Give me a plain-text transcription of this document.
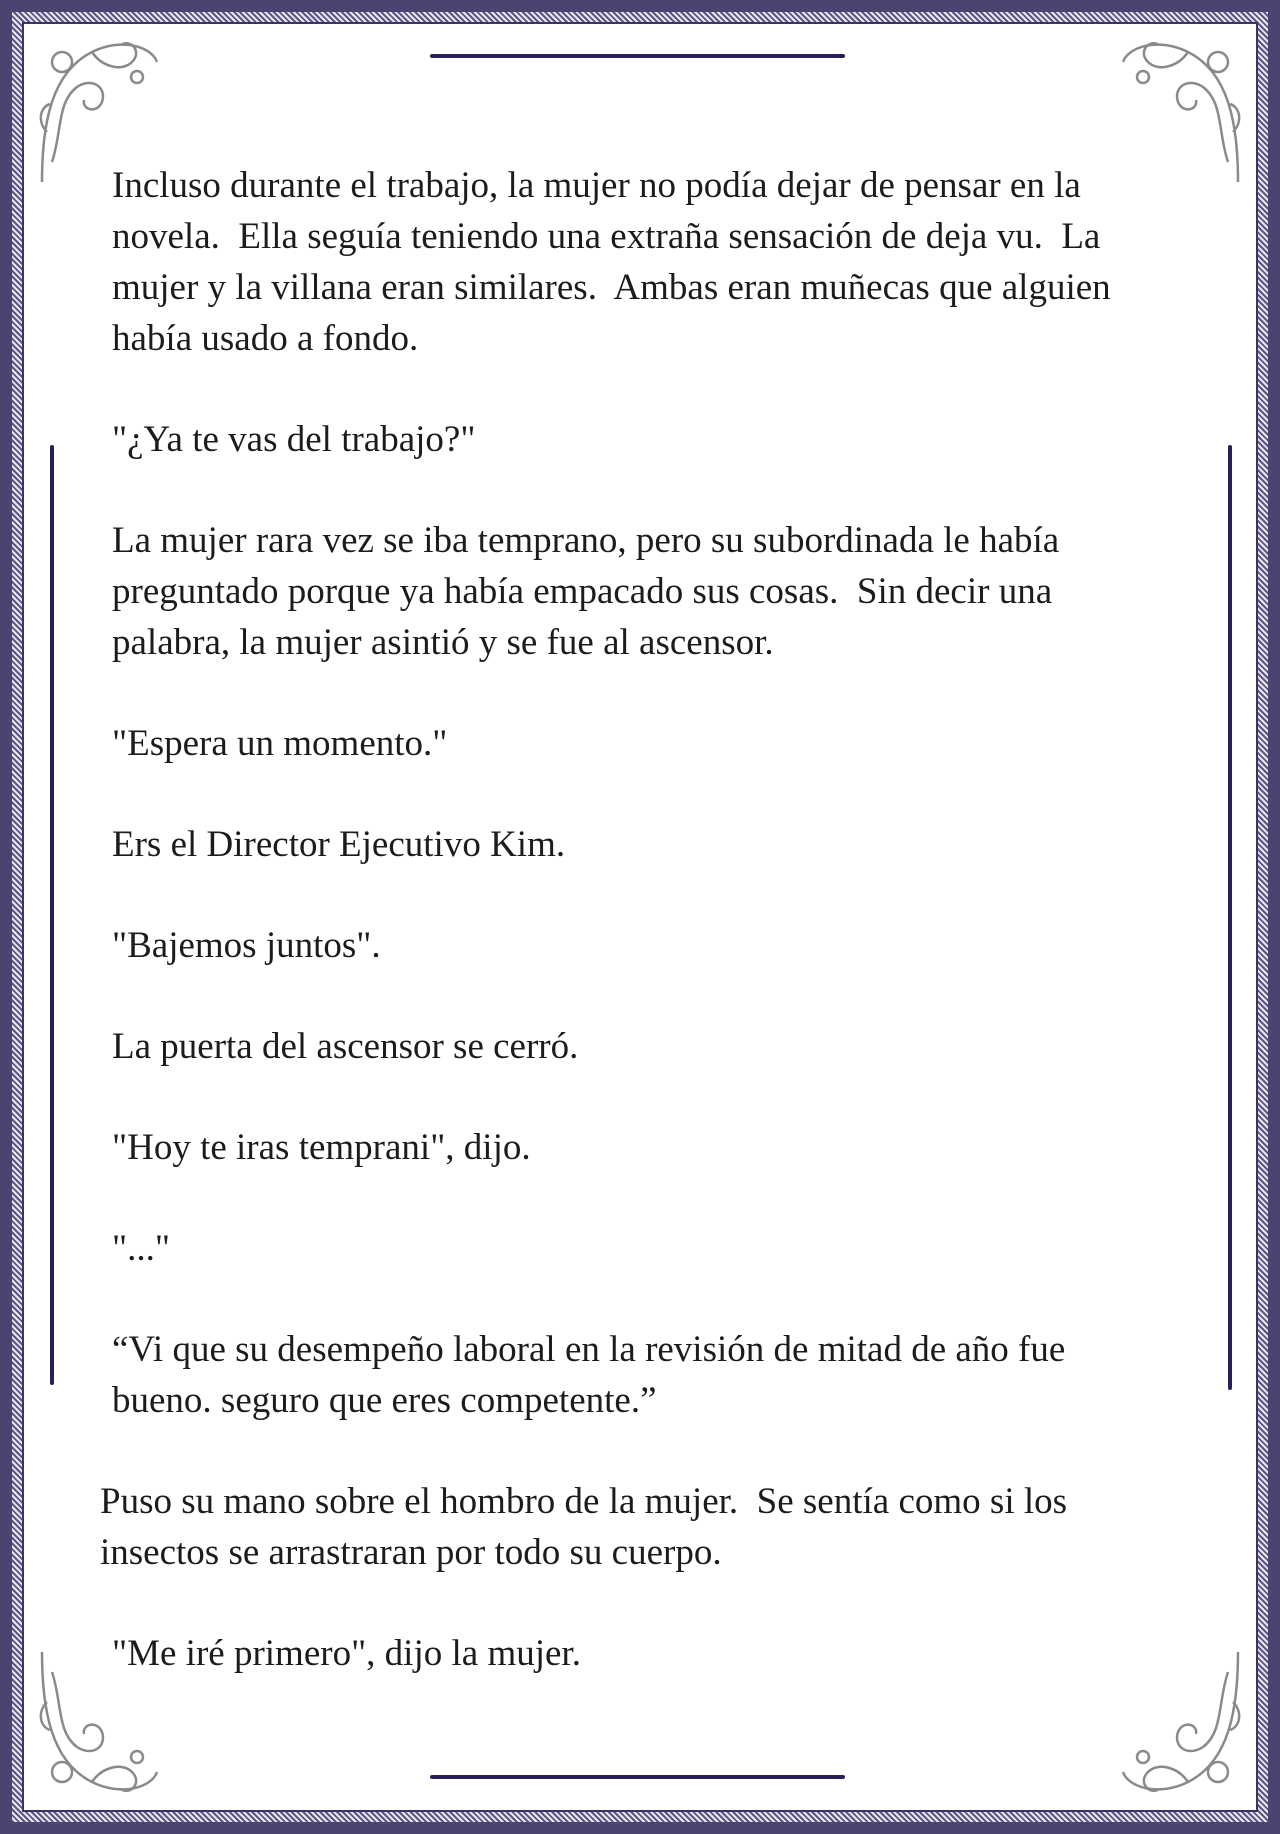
Incluso durante el trabajo, la mujer no podía dejar de pensar en la novela.  Ella seguía teniendo una extraña sensación de deja vu.  La mujer y la villana eran similares.  Ambas eran muñecas que alguien había usado a fondo.

"¿Ya te vas del trabajo?"

La mujer rara vez se iba temprano, pero su subordinada le había preguntado porque ya había empacado sus cosas.  Sin decir una palabra, la mujer asintió y se fue al ascensor.

"Espera un momento."

Ers el Director Ejecutivo Kim.

"Bajemos juntos".

La puerta del ascensor se cerró.

"Hoy te iras temprani", dijo.

"..."

“Vi que su desempeño laboral en la revisión de mitad de año fue bueno. seguro que eres competente.”

Puso su mano sobre el hombro de la mujer.  Se sentía como si los insectos se arrastraran por todo su cuerpo.

"Me iré primero", dijo la mujer.
